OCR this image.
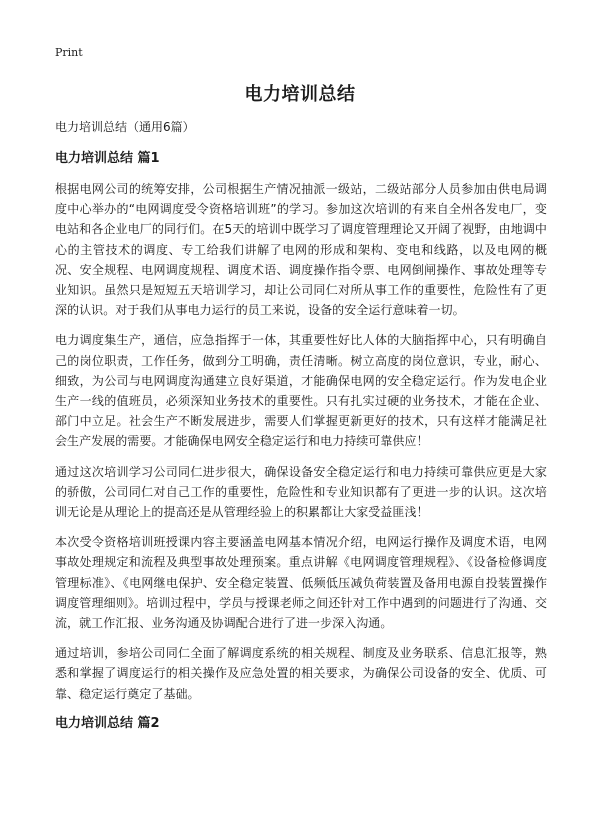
Print
电力培训总结

电力培训总结（通用6篇）

电力培训总结 篇1

根据电网公司的统筹安排，公司根据生产情况抽派一级站，二级站部分人员参加由供电局调度中心举办的“电网调度受令资格培训班”的学习。参加这次培训的有来自全州各发电厂，变电站和各企业电厂的同行们。在5天的培训中既学习了调度管理理论又开阔了视野，由地调中心的主管技术的调度、专工给我们讲解了电网的形成和架构、变电和线路，以及电网的概况、安全规程、电网调度规程、调度术语、调度操作指令票、电网倒闸操作、事故处理等专业知识。虽然只是短短五天培训学习，却让公司同仁对所从事工作的重要性，危险性有了更深的认识。对于我们从事电力运行的员工来说，设备的安全运行意味着一切。

电力调度集生产，通信，应急指挥于一体，其重要性好比人体的大脑指挥中心，只有明确自己的岗位职责，工作任务，做到分工明确，责任清晰。树立高度的岗位意识，专业，耐心、细致，为公司与电网调度沟通建立良好渠道，才能确保电网的安全稳定运行。作为发电企业生产一线的值班员，必须深知业务技术的重要性。只有扎实过硬的业务技术，才能在企业、部门中立足。社会生产不断发展进步，需要人们掌握更新更好的技术，只有这样才能满足社会生产发展的需要。才能确保电网安全稳定运行和电力持续可靠供应！

通过这次培训学习公司同仁进步很大，确保设备安全稳定运行和电力持续可靠供应更是大家的骄傲，公司同仁对自己工作的重要性，危险性和专业知识都有了更进一步的认识。这次培训无论是从理论上的提高还是从管理经验上的积累都让大家受益匪浅！

本次受令资格培训班授课内容主要涵盖电网基本情况介绍，电网运行操作及调度术语，电网事故处理规定和流程及典型事故处理预案。重点讲解《电网调度管理规程》、《设备检修调度管理标准》、《电网继电保护、安全稳定装置、低频低压减负荷装置及备用电源自投装置操作调度管理细则》。培训过程中，学员与授课老师之间还针对工作中遇到的问题进行了沟通、交流，就工作汇报、业务沟通及协调配合进行了进一步深入沟通。

通过培训，参培公司同仁全面了解调度系统的相关规程、制度及业务联系、信息汇报等，熟悉和掌握了调度运行的相关操作及应急处置的相关要求，为确保公司设备的安全、优质、可靠、稳定运行奠定了基础。

电力培训总结 篇2
